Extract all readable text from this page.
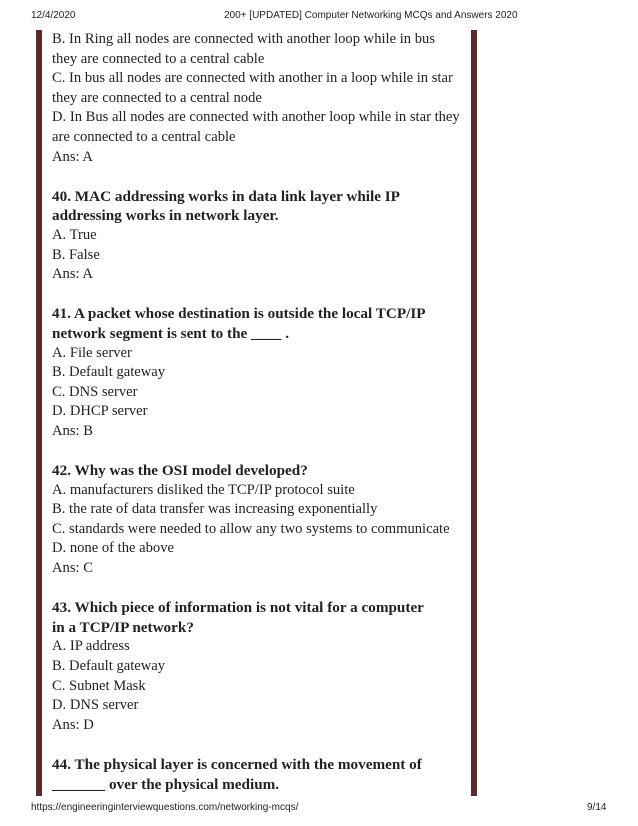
12/4/2020	200+ [UPDATED] Computer Networking MCQs and Answers 2020
B. In Ring all nodes are connected with another loop while in bus
they are connected to a central cable
C. In bus all nodes are connected with another in a loop while in star
they are connected to a central node
D. In Bus all nodes are connected with another loop while in star they
are connected to a central cable
Ans: A
40. MAC addressing works in data link layer while IP
addressing works in network layer.
A. True
B. False
Ans: A
41. A packet whose destination is outside the local TCP/IP
network segment is sent to the ____ .
A. File server
B. Default gateway
C. DNS server
D. DHCP server
Ans: B
42. Why was the OSI model developed?
A. manufacturers disliked the TCP/IP protocol suite
B. the rate of data transfer was increasing exponentially
C. standards were needed to allow any two systems to communicate
D. none of the above
Ans: C
43. Which piece of information is not vital for a computer
in a TCP/IP network?
A. IP address
B. Default gateway
C. Subnet Mask
D. DNS server
Ans: D
44. The physical layer is concerned with the movement of
_______ over the physical medium.
https://engineeringinterviewquestions.com/networking-mcqs/	9/14
